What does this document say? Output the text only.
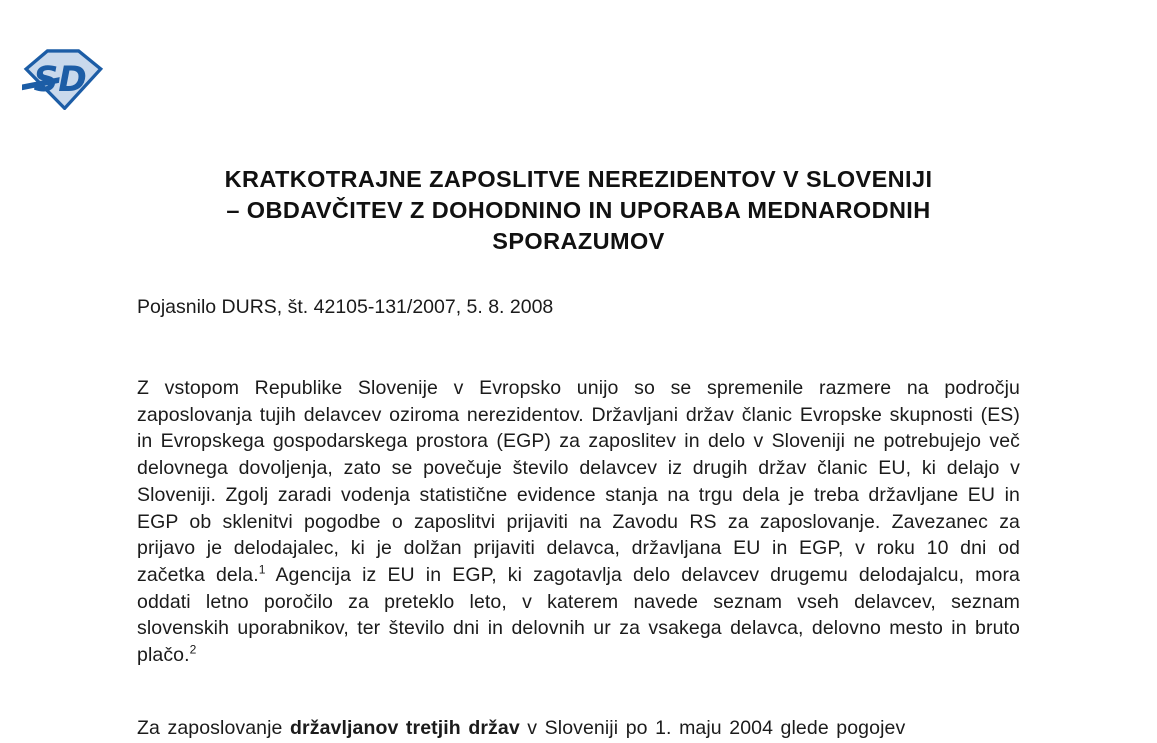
SD
KRATKOTRAJNE ZAPOSLITVE NEREZIDENTOV V SLOVENIJI
– OBDAVČITEV Z DOHODNINO IN UPORABA MEDNARODNIH
SPORAZUMOV

Pojasnilo DURS, št. 42105-131/2007, 5. 8. 2008

Z vstopom Republike Slovenije v Evropsko unijo so se spremenile razmere na področju zaposlovanja tujih delavcev oziroma nerezidentov. Državljani držav članic Evropske skupnosti (ES) in Evropskega gospodarskega prostora (EGP) za zaposlitev in delo v Sloveniji ne potrebujejo več delovnega dovoljenja, zato se povečuje število delavcev iz drugih držav članic EU, ki delajo v Sloveniji. Zgolj zaradi vodenja statistične evidence stanja na trgu dela je treba državljane EU in EGP ob sklenitvi pogodbe o zaposlitvi prijaviti na Zavodu RS za zaposlovanje. Zavezanec za prijavo je delodajalec, ki je dolžan prijaviti delavca, državljana EU in EGP, v roku 10 dni od začetka dela.$^1$ Agencija iz EU in EGP, ki zagotavlja delo delavcev drugemu delodajalcu, mora oddati letno poročilo za preteklo leto, v katerem navede seznam vseh delavcev, seznam slovenskih uporabnikov, ter število dni in delovnih ur za vsakega delavca, delovno mesto in bruto plačo.$^2$

Za zaposlovanje državljanov tretjih držav v Sloveniji po 1. maju 2004 glede pogojev
